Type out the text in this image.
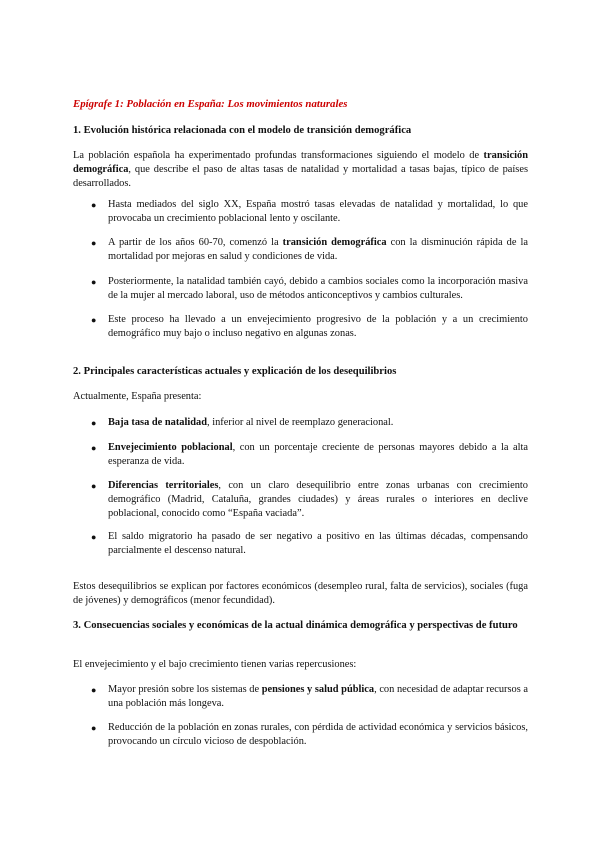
Epígrafe 1: Población en España: Los movimientos naturales
1. Evolución histórica relacionada con el modelo de transición demográfica
La población española ha experimentado profundas transformaciones siguiendo el modelo de transición demográfica, que describe el paso de altas tasas de natalidad y mortalidad a tasas bajas, típico de países desarrollados.
● Hasta mediados del siglo XX, España mostró tasas elevadas de natalidad y mortalidad, lo que provocaba un crecimiento poblacional lento y oscilante.
● A partir de los años 60-70, comenzó la transición demográfica con la disminución rápida de la mortalidad por mejoras en salud y condiciones de vida.
● Posteriormente, la natalidad también cayó, debido a cambios sociales como la incorporación masiva de la mujer al mercado laboral, uso de métodos anticonceptivos y cambios culturales.
● Este proceso ha llevado a un envejecimiento progresivo de la población y a un crecimiento demográfico muy bajo o incluso negativo en algunas zonas.
2. Principales características actuales y explicación de los desequilibrios
Actualmente, España presenta:
● Baja tasa de natalidad, inferior al nivel de reemplazo generacional.
● Envejecimiento poblacional, con un porcentaje creciente de personas mayores debido a la alta esperanza de vida.
● Diferencias territoriales, con un claro desequilibrio entre zonas urbanas con crecimiento demográfico (Madrid, Cataluña, grandes ciudades) y áreas rurales o interiores en declive poblacional, conocido como “España vaciada”.
● El saldo migratorio ha pasado de ser negativo a positivo en las últimas décadas, compensando parcialmente el descenso natural.
Estos desequilibrios se explican por factores económicos (desempleo rural, falta de servicios), sociales (fuga de jóvenes) y demográficos (menor fecundidad).
3. Consecuencias sociales y económicas de la actual dinámica demográfica y perspectivas de futuro
El envejecimiento y el bajo crecimiento tienen varias repercusiones:
● Mayor presión sobre los sistemas de pensiones y salud pública, con necesidad de adaptar recursos a una población más longeva.
● Reducción de la población en zonas rurales, con pérdida de actividad económica y servicios básicos, provocando un círculo vicioso de despoblación.
